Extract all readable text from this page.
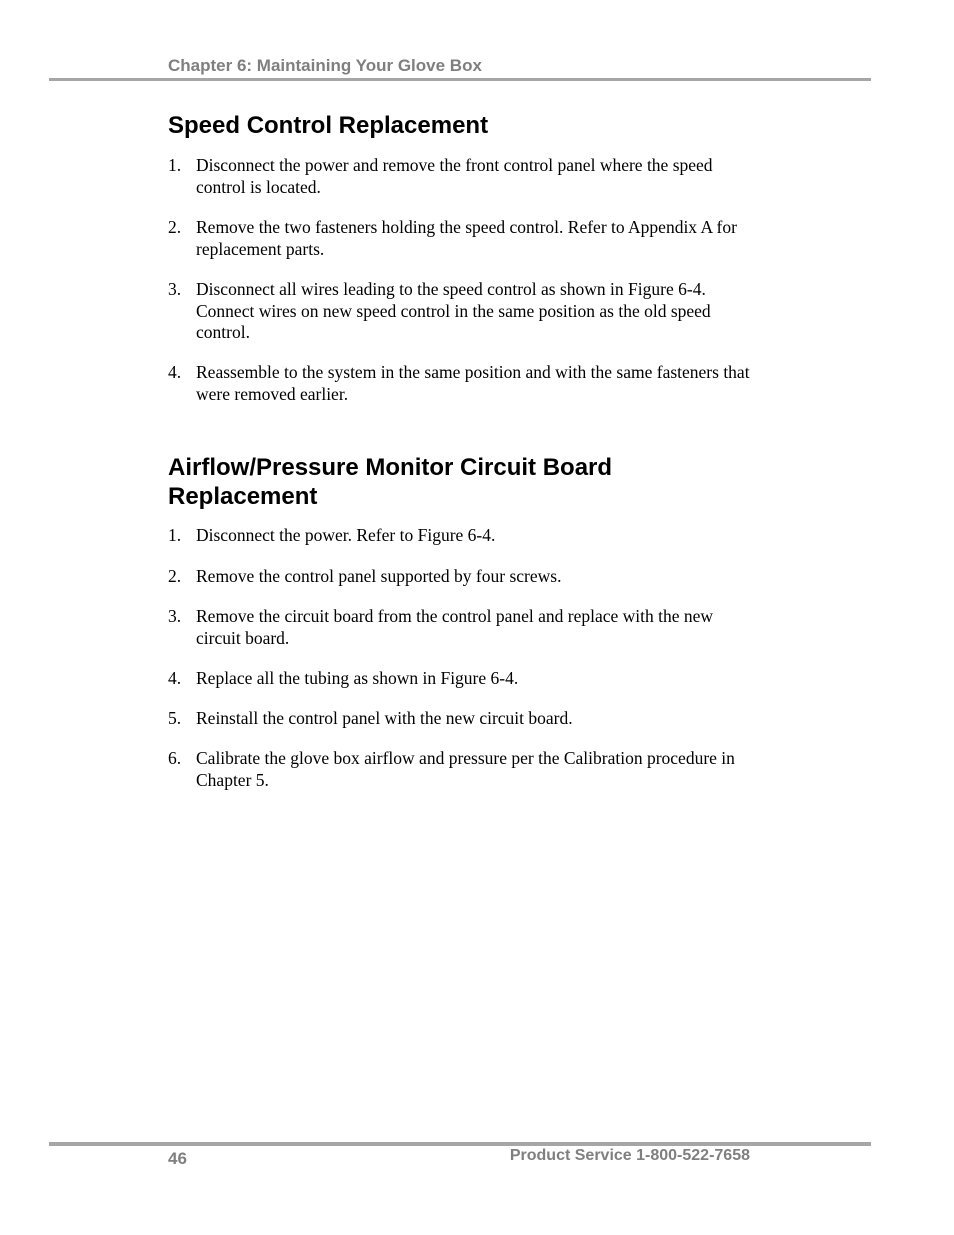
Chapter 6: Maintaining Your Glove Box
Speed Control Replacement
1. Disconnect the power and remove the front control panel where the speed control is located.
2. Remove the two fasteners holding the speed control. Refer to Appendix A for replacement parts.
3. Disconnect all wires leading to the speed control as shown in Figure 6-4. Connect wires on new speed control in the same position as the old speed control.
4. Reassemble to the system in the same position and with the same fasteners that were removed earlier.
Airflow/Pressure Monitor Circuit Board Replacement
1. Disconnect the power. Refer to Figure 6-4.
2. Remove the control panel supported by four screws.
3. Remove the circuit board from the control panel and replace with the new circuit board.
4. Replace all the tubing as shown in Figure 6-4.
5. Reinstall the control panel with the new circuit board.
6. Calibrate the glove box airflow and pressure per the Calibration procedure in Chapter 5.
46	Product Service 1-800-522-7658
